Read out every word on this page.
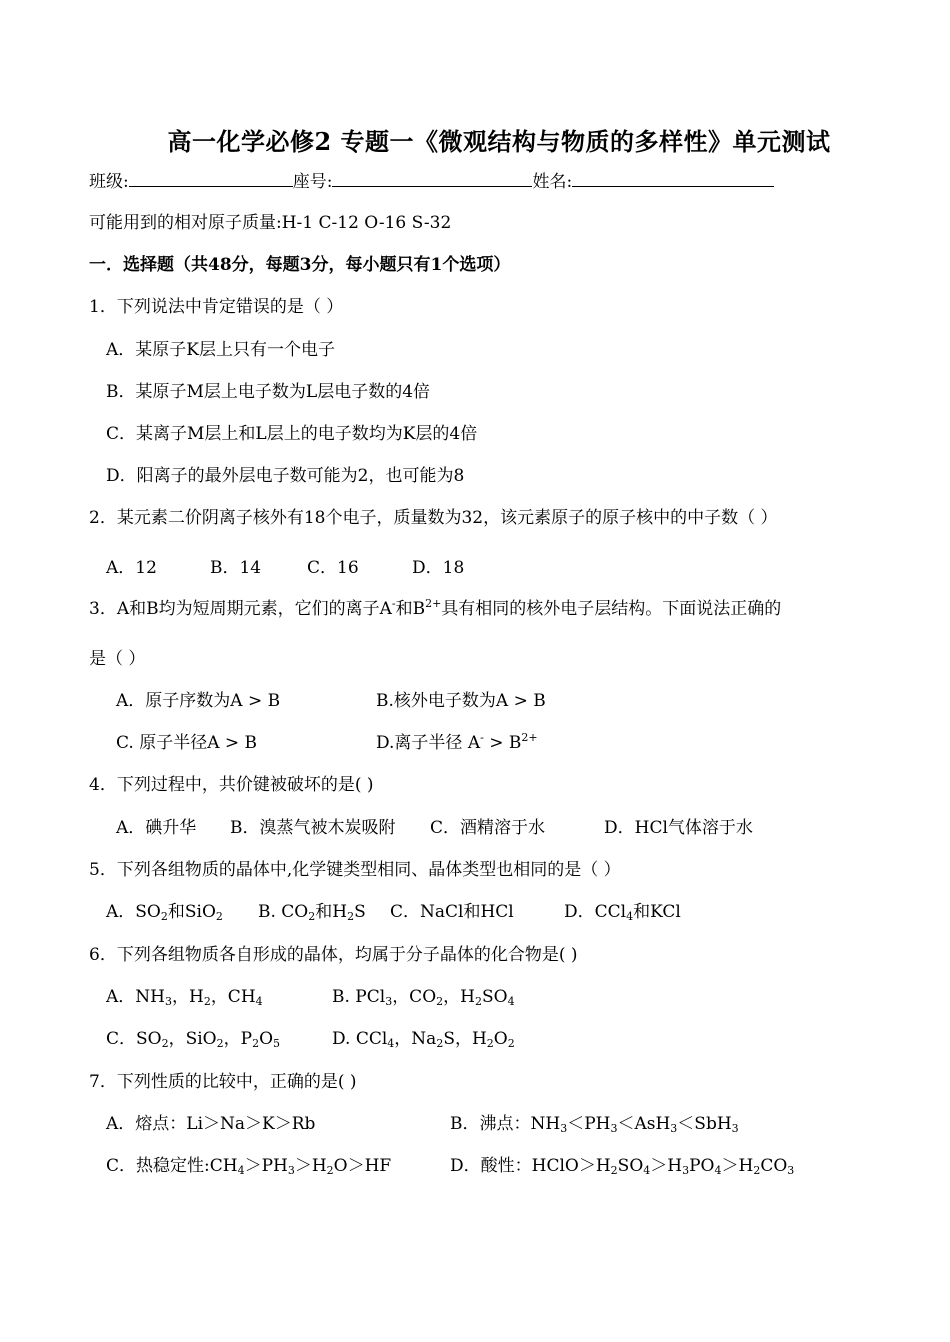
高一化学必修2 专题一《微观结构与物质的多样性》单元测试
班级:	座号:	姓名:
可能用到的相对原子质量:H-1 C-12 O-16 S-32
一．选择题（共48分，每题3分，每小题只有1个选项）
1．下列说法中肯定错误的是（ ）
A．某原子K层上只有一个电子
B．某原子M层上电子数为L层电子数的4倍
C．某离子M层上和L层上的电子数均为K层的4倍
D．阳离子的最外层电子数可能为2，也可能为8
2．某元素二价阴离子核外有18个电子，质量数为32，该元素原子的原子核中的中子数（ ）
A．12	B．14	C．16	D．18
3．A和B均为短周期元素，它们的离子A-和$B^{2+}$具有相同的核外电子层结构。下面说法正确的
是（ ）
A．原子序数为A > B	B.核外电子数为A > B
C. 原子半径A > B	D.离子半径 $A^- > B^{2+}$
4．下列过程中，共价键被破坏的是( )
A．碘升华 B．溴蒸气被木炭吸附 C．酒精溶于水	D．HCl气体溶于水
5．下列各组物质的晶体中,化学键类型相同、晶体类型也相同的是（ ）
A．$SO_2$和SiO$_2$ B. $CO_2$和$H_2S$ C．NaCl和HCl	D．CCl$_4$和KCl
6．下列各组物质各自形成的晶体，均属于分子晶体的化合物是( )
A．$NH_3$，$H_2$，$CH_4$	B. PCl$_3$，$CO_2$，$H_2SO_4$
C．$SO_2$，SiO$_2$，$P_2O_5$	D. CCl$_4$，$Na_2S$，$H_2O_2$
7．下列性质的比较中，正确的是( )
A．熔点：Li＞Na＞K＞Rb	B．沸点：$NH_3<PH_3<AsH_3<SbH_3$
C．热稳定性$:CH_4>PH_3>H_2O>HF$	D．酸性：$HClO>H_2SO_4>H_3PO_4>H_2CO_3$
